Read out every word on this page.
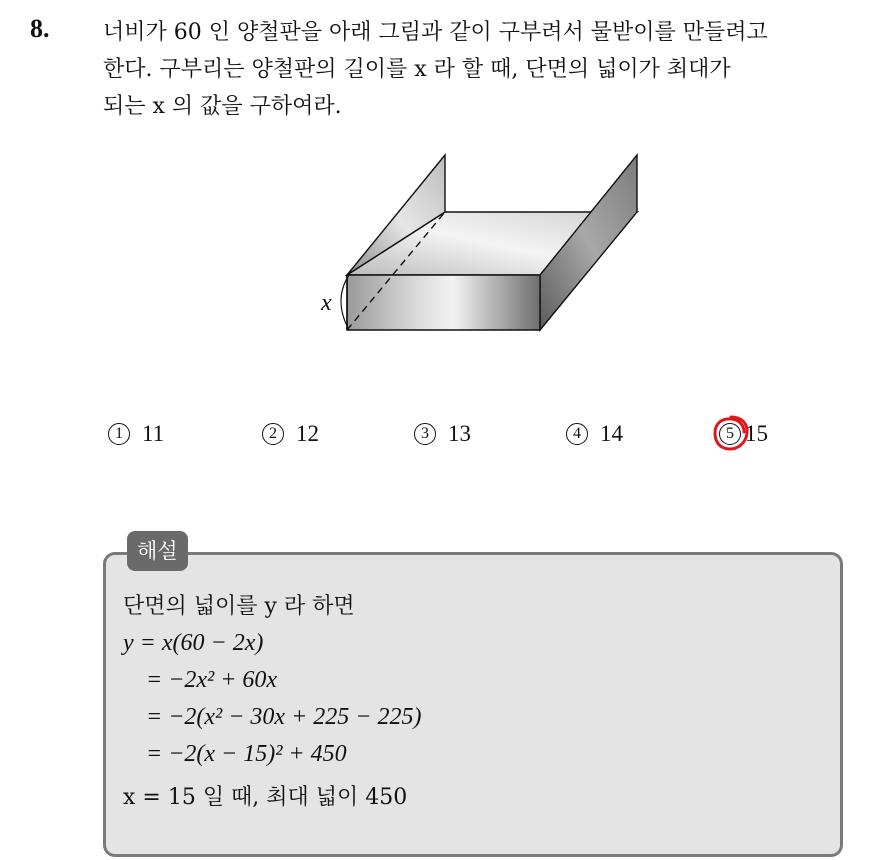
8. 너비가 60 인 양철판을 아래 그림과 같이 구부려서 물받이를 만들려고
한다. 구부리는 양철판의 길이를 x 라 할 때, 단면의 넓이가 최대가
되는 x 의 값을 구하여라.
x
1 11	2 12	3 13	4 14	5 15
해설
단면의 넓이를 y 라 하면
y = x(60 − 2x)
= −2x² + 60x
= −2(x² − 30x + 225 − 225)
= −2(x − 15)² + 450
x = 15 일 때, 최대 넓이 450
